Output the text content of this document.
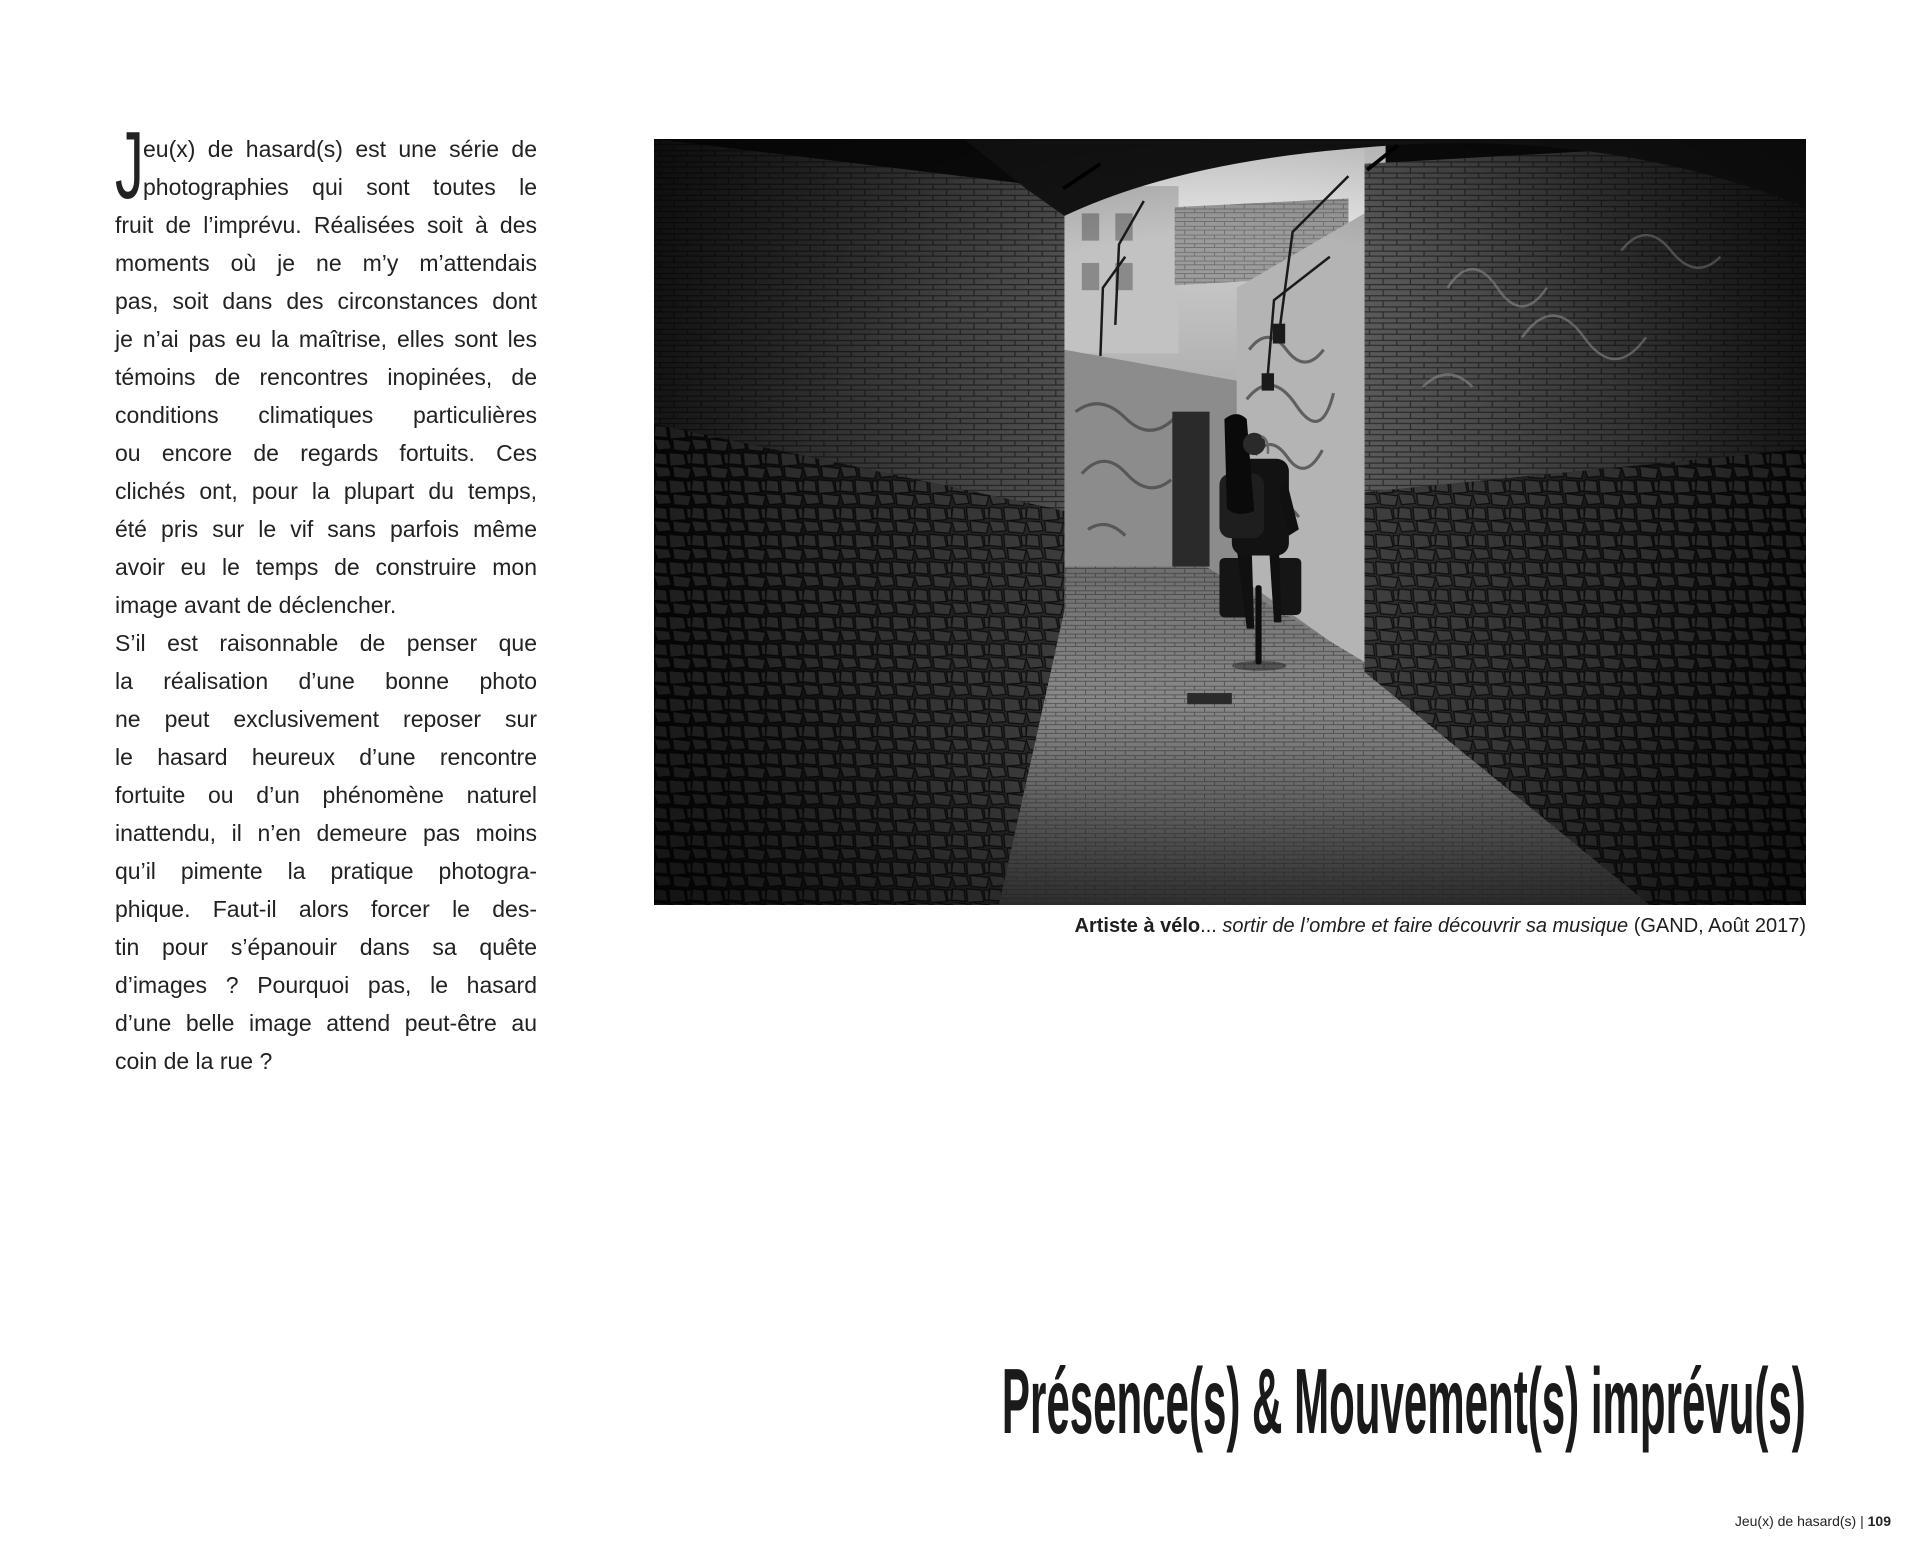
J eu(x) de hasard(s) est une série de
photographies qui sont toutes le
fruit de l’imprévu. Réalisées soit à des
moments où je ne m’y m’attendais
pas, soit dans des circonstances dont
je n’ai pas eu la maîtrise, elles sont les
témoins de rencontres inopinées, de
conditions climatiques particulières
ou encore de regards fortuits. Ces
clichés ont, pour la plupart du temps,
été pris sur le vif sans parfois même
avoir eu le temps de construire mon
image avant de déclencher.
S’il est raisonnable de penser que
la réalisation d’une bonne photo
ne peut exclusivement reposer sur
le hasard heureux d’une rencontre
fortuite ou d’un phénomène naturel
inattendu, il n’en demeure pas moins
qu’il pimente la pratique photogra-
phique. Faut-il alors forcer le des-
tin pour s’épanouir dans sa quête
d’images ? Pourquoi pas, le hasard
d’une belle image attend peut-être au
coin de la rue ?
Artiste à vélo... sortir de l’ombre et faire découvrir sa musique (GAND, Août 2017)
Présence(s) & Mouvement(s) imprévu(s)
Jeu(x) de hasard(s) | 109
